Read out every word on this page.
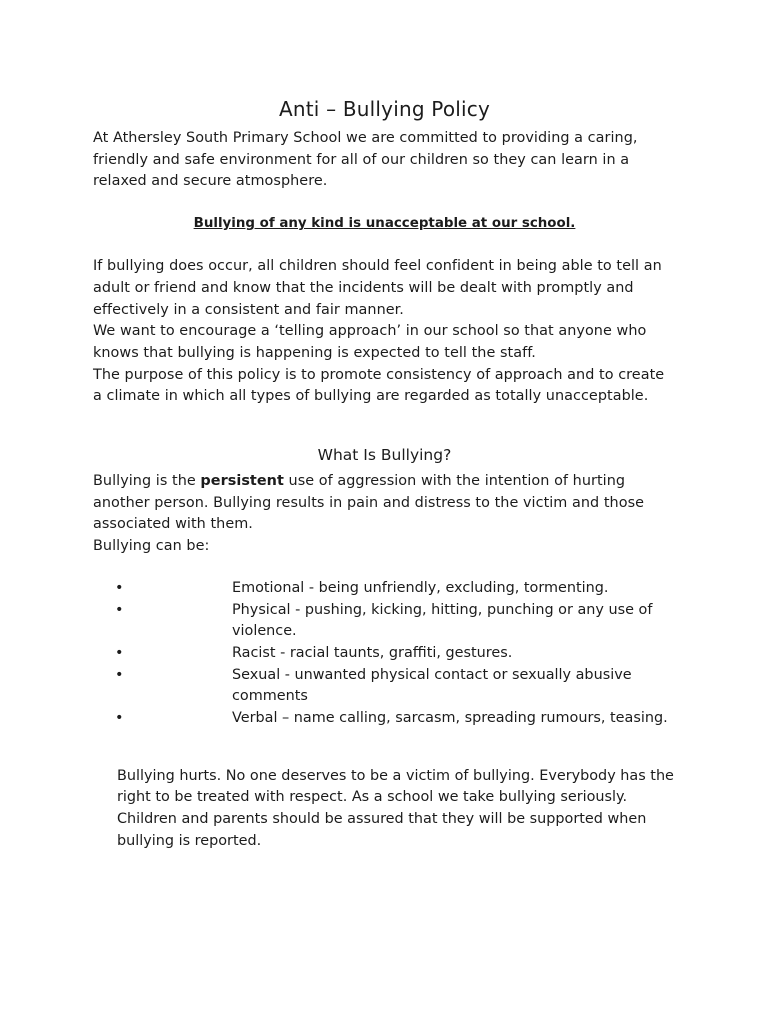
Anti – Bullying Policy

At Athersley South Primary School we are committed to providing a caring, friendly and safe environment for all of our children so they can learn in a relaxed and secure atmosphere.

Bullying of any kind is unacceptable at our school.

If bullying does occur, all children should feel confident in being able to tell an adult or friend and know that the incidents will be dealt with promptly and effectively in a consistent and fair manner.
We want to encourage a ‘telling approach’ in our school so that anyone who knows that bullying is happening is expected to tell the staff.
The purpose of this policy is to promote consistency of approach and to create a climate in which all types of bullying are regarded as totally unacceptable.
What Is Bullying?

Bullying is the persistent use of aggression with the intention of hurting another person. Bullying results in pain and distress to the victim and those associated with them.

Bullying can be:

•	Emotional - being unfriendly, excluding, tormenting.
•	Physical - pushing, kicking, hitting, punching or any use of violence.
•	Racist - racial taunts, graffiti, gestures.
•	Sexual - unwanted physical contact or sexually abusive comments
•	Verbal – name calling, sarcasm, spreading rumours, teasing.

Bullying hurts. No one deserves to be a victim of bullying. Everybody has the right to be treated with respect. As a school we take bullying seriously. Children and parents should be assured that they will be supported when bullying is reported.
